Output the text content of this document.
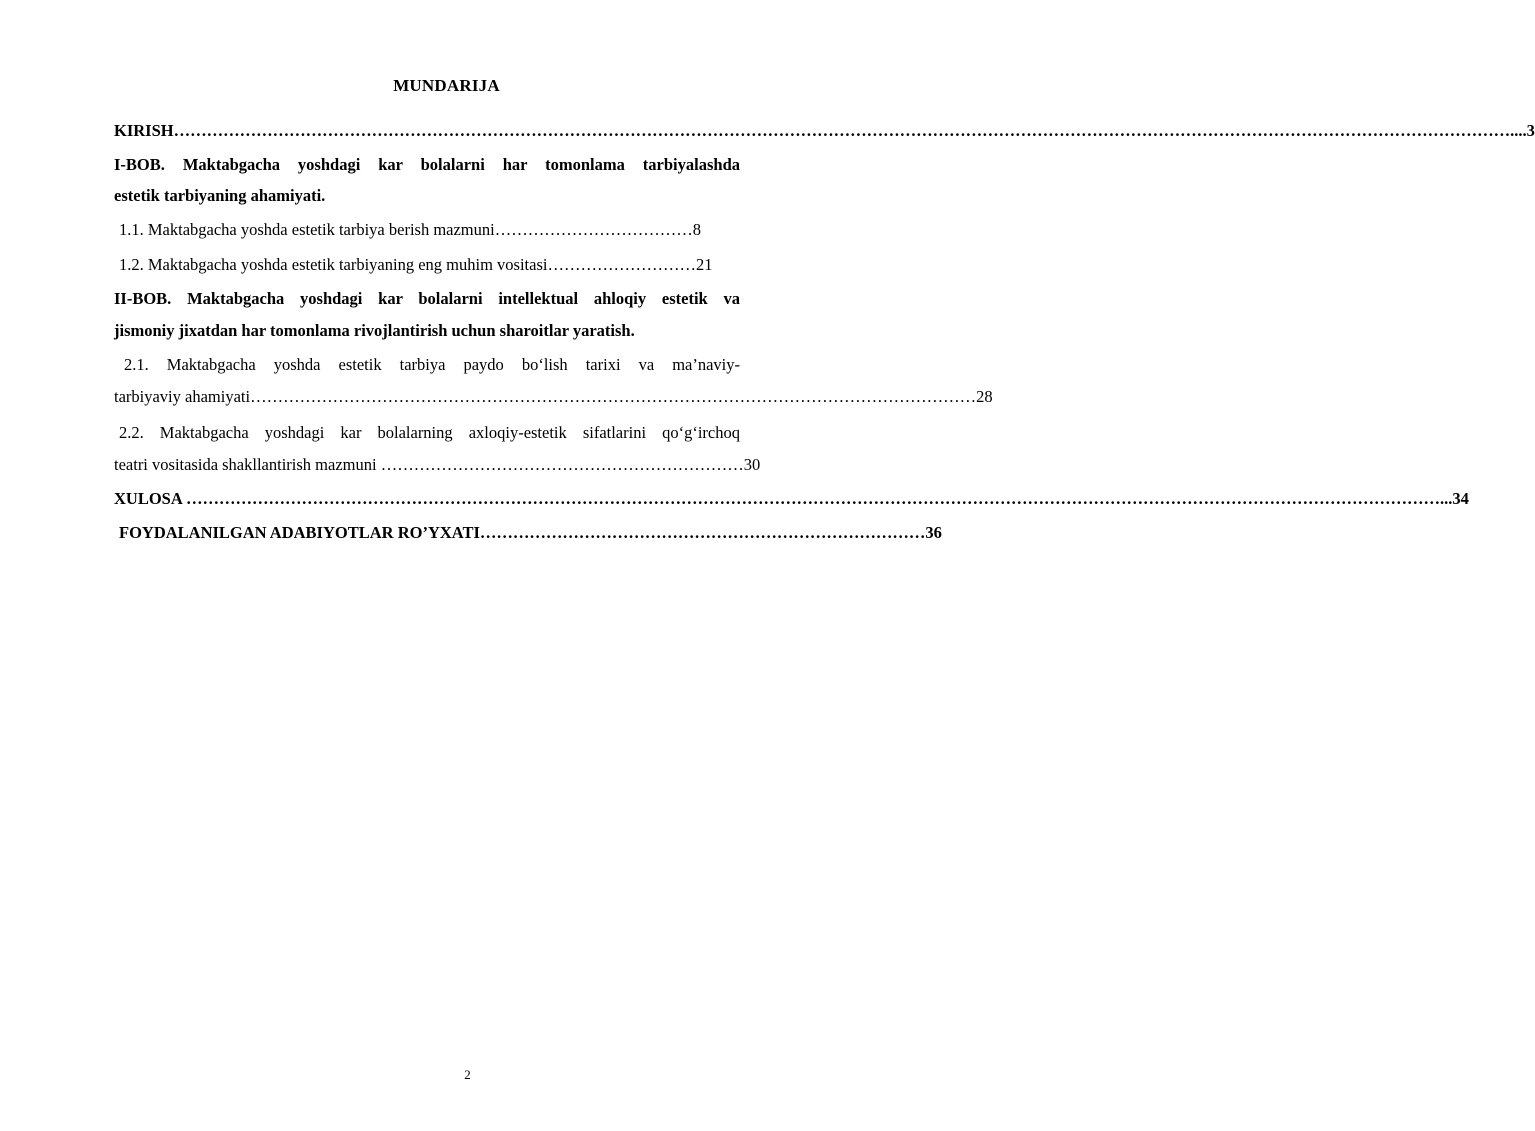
MUNDARIJA
KIRISH………………………………………………………………………………………………………………………………………………………………………………………………………………………....3
I-BOB. Maktabgacha yoshdagi kar bolalarni har tomonlama tarbiyalashda
estetik tarbiyaning ahamiyati.
1.1. Maktabgacha yoshda estetik tarbiya berish mazmuni………………………………8
1.2. Maktabgacha yoshda estetik tarbiyaning eng muhim vositasi………………………21
II-BOB. Maktabgacha yoshdagi kar bolalarni intellektual ahloqiy estetik va
jismoniy jixatdan har tomonlama rivojlantirish uchun sharoitlar yaratish.
2.1. Maktabgacha yoshda estetik tarbiya paydo bo‘lish tarixi va ma’naviy-
tarbiyaviy ahamiyati……………………………………………………………………………………………………………………28
2.2. Maktabgacha yoshdagi kar bolalarning axloqiy-estetik sifatlarini qo‘g‘irchoq
teatri vositasida shakllantirish mazmuni …………………………………………………………30
XULOSA …………………………………………………………………………………………………………………………………………………………………………………………………………...34
FOYDALANILGAN ADABIYOTLAR RO’YXATI………………………………………………………………………36
2
